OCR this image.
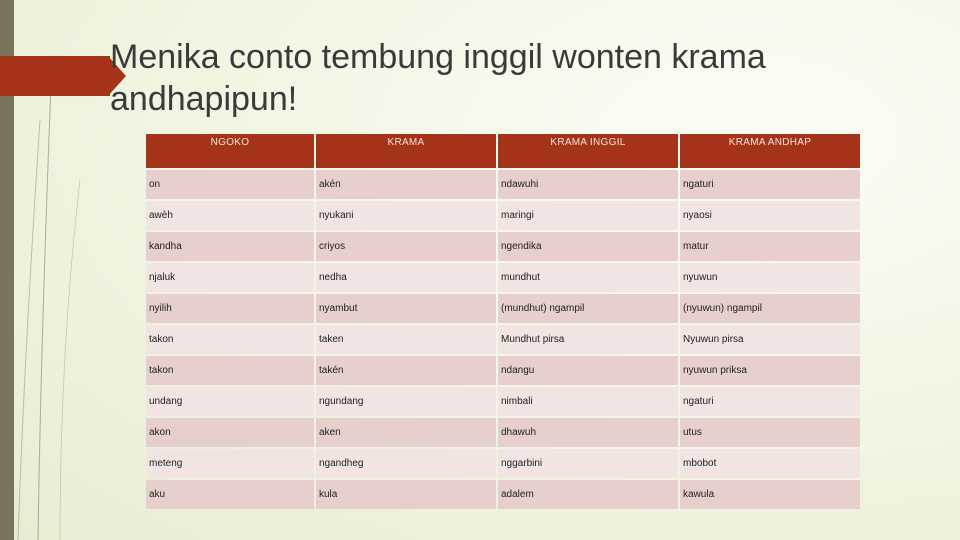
Menika conto tembung inggil wonten krama andhapipun!
NGOKO	KRAMA	KRAMA INGGIL	KRAMA ANDHAP
on	akén	ndawuhi	ngaturi
awèh	nyukani	maringi	nyaosi
kandha	criyos	ngendika	matur
njaluk	nedha	mundhut	nyuwun
nyilih	nyambut	(mundhut) ngampil	(nyuwun) ngampil
takon	taken	Mundhut pirsa	Nyuwun pirsa
takon	takén	ndangu	nyuwun priksa
undang	ngundang	nimbali	ngaturi
akon	aken	dhawuh	utus
meteng	ngandheg	nggarbini	mbobot
aku	kula	adalem	kawula
